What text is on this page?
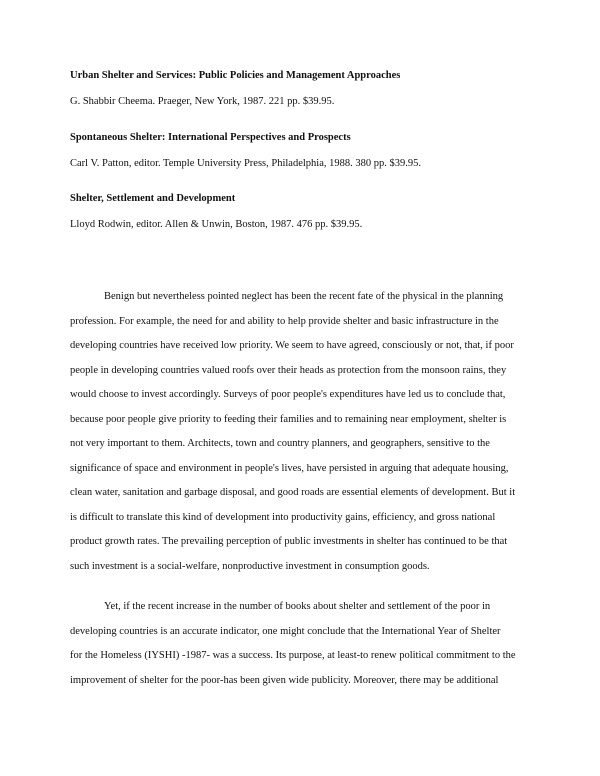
Urban Shelter and Services: Public Policies and Management Approaches
G. Shabbir Cheema. Praeger, New York, 1987. 221 pp. $39.95.
Spontaneous Shelter: International Perspectives and Prospects
Carl V. Patton, editor. Temple University Press, Philadelphia, 1988. 380 pp. $39.95.
Shelter, Settlement and Development
Lloyd Rodwin, editor. Allen & Unwin, Boston, 1987. 476 pp. $39.95.
Benign but nevertheless pointed neglect has been the recent fate of the physical in the planning
profession. For example, the need for and ability to help provide shelter and basic infrastructure in the
developing countries have received low priority. We seem to have agreed, consciously or not, that, if poor
people in developing countries valued roofs over their heads as protection from the monsoon rains, they
would choose to invest accordingly. Surveys of poor people's expenditures have led us to conclude that,
because poor people give priority to feeding their families and to remaining near employment, shelter is
not very important to them. Architects, town and country planners, and geographers, sensitive to the
significance of space and environment in people's lives, have persisted in arguing that adequate housing,
clean water, sanitation and garbage disposal, and good roads are essential elements of development. But it
is difficult to translate this kind of development into productivity gains, efficiency, and gross national
product growth rates. The prevailing perception of public investments in shelter has continued to be that
such investment is a social-welfare, nonproductive investment in consumption goods.
Yet, if the recent increase in the number of books about shelter and settlement of the poor in
developing countries is an accurate indicator, one might conclude that the International Year of Shelter
for the Homeless (IYSHI) -1987- was a success. Its purpose, at least-to renew political commitment to the
improvement of shelter for the poor-has been given wide publicity. Moreover, there may be additional
